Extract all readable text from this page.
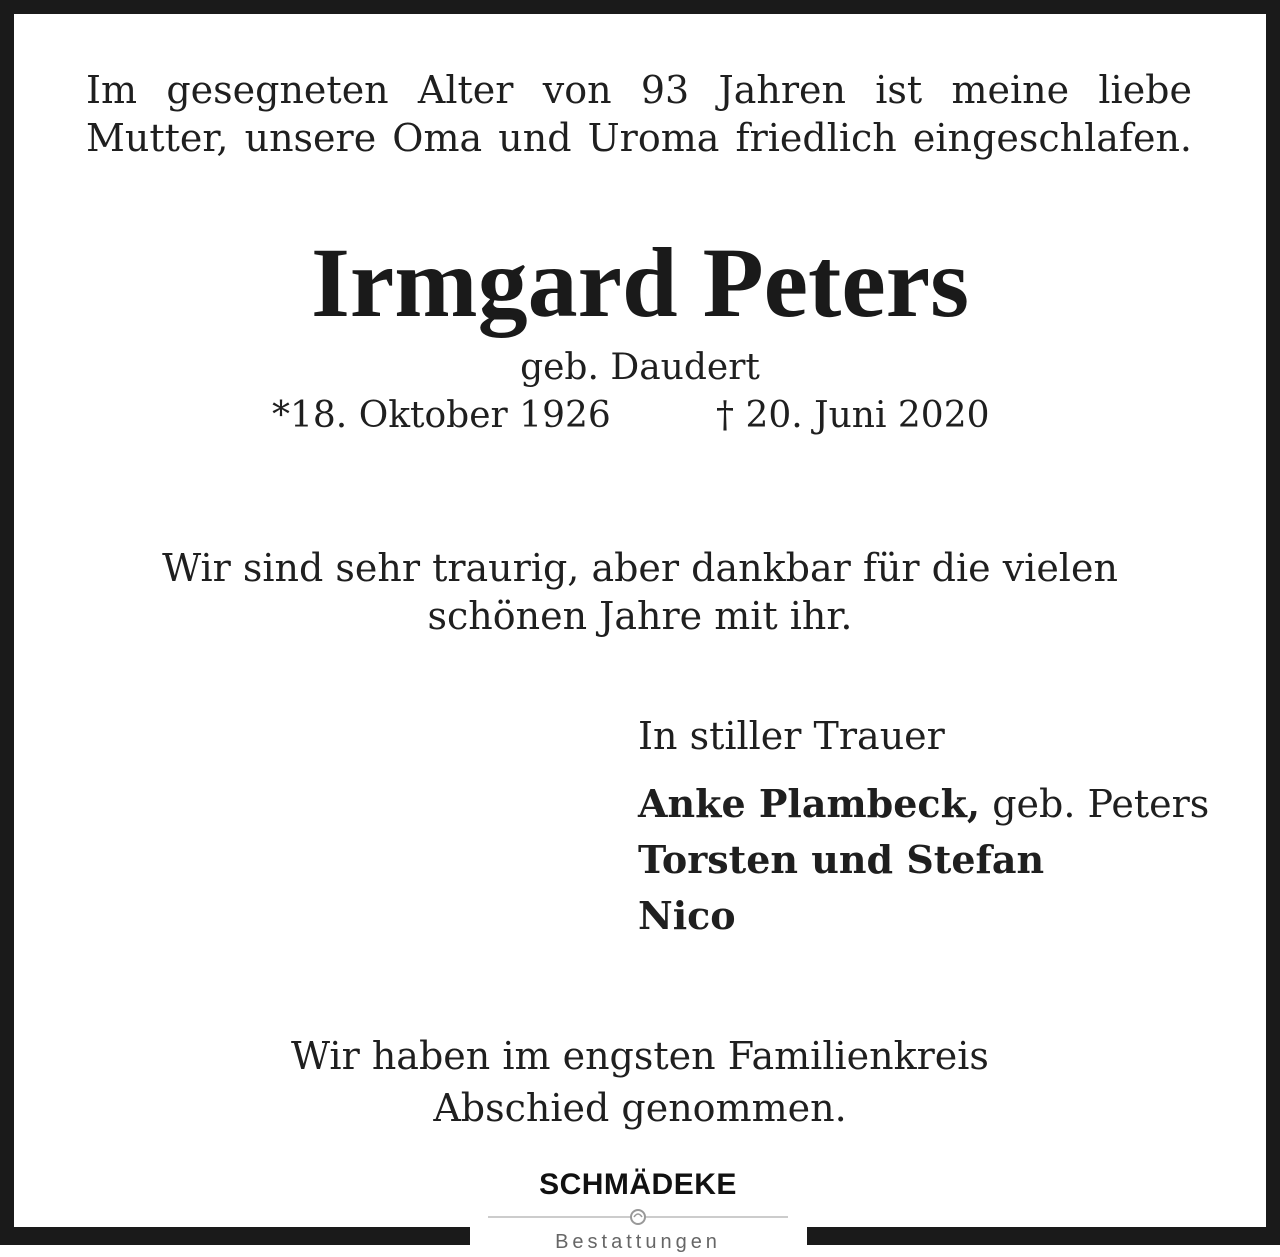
Im gesegneten Alter von 93 Jahren ist meine liebe
Mutter, unsere Oma und Uroma friedlich eingeschlafen.
Irmgard Peters
geb. Daudert
*18. Oktober 1926	† 20. Juni 2020
Wir sind sehr traurig, aber dankbar für die vielen
schönen Jahre mit ihr.
In stiller Trauer
Anke Plambeck, geb. Peters
Torsten und Stefan
Nico
Wir haben im engsten Familienkreis
Abschied genommen.
SCHMÄDEKE
Bestattungen
